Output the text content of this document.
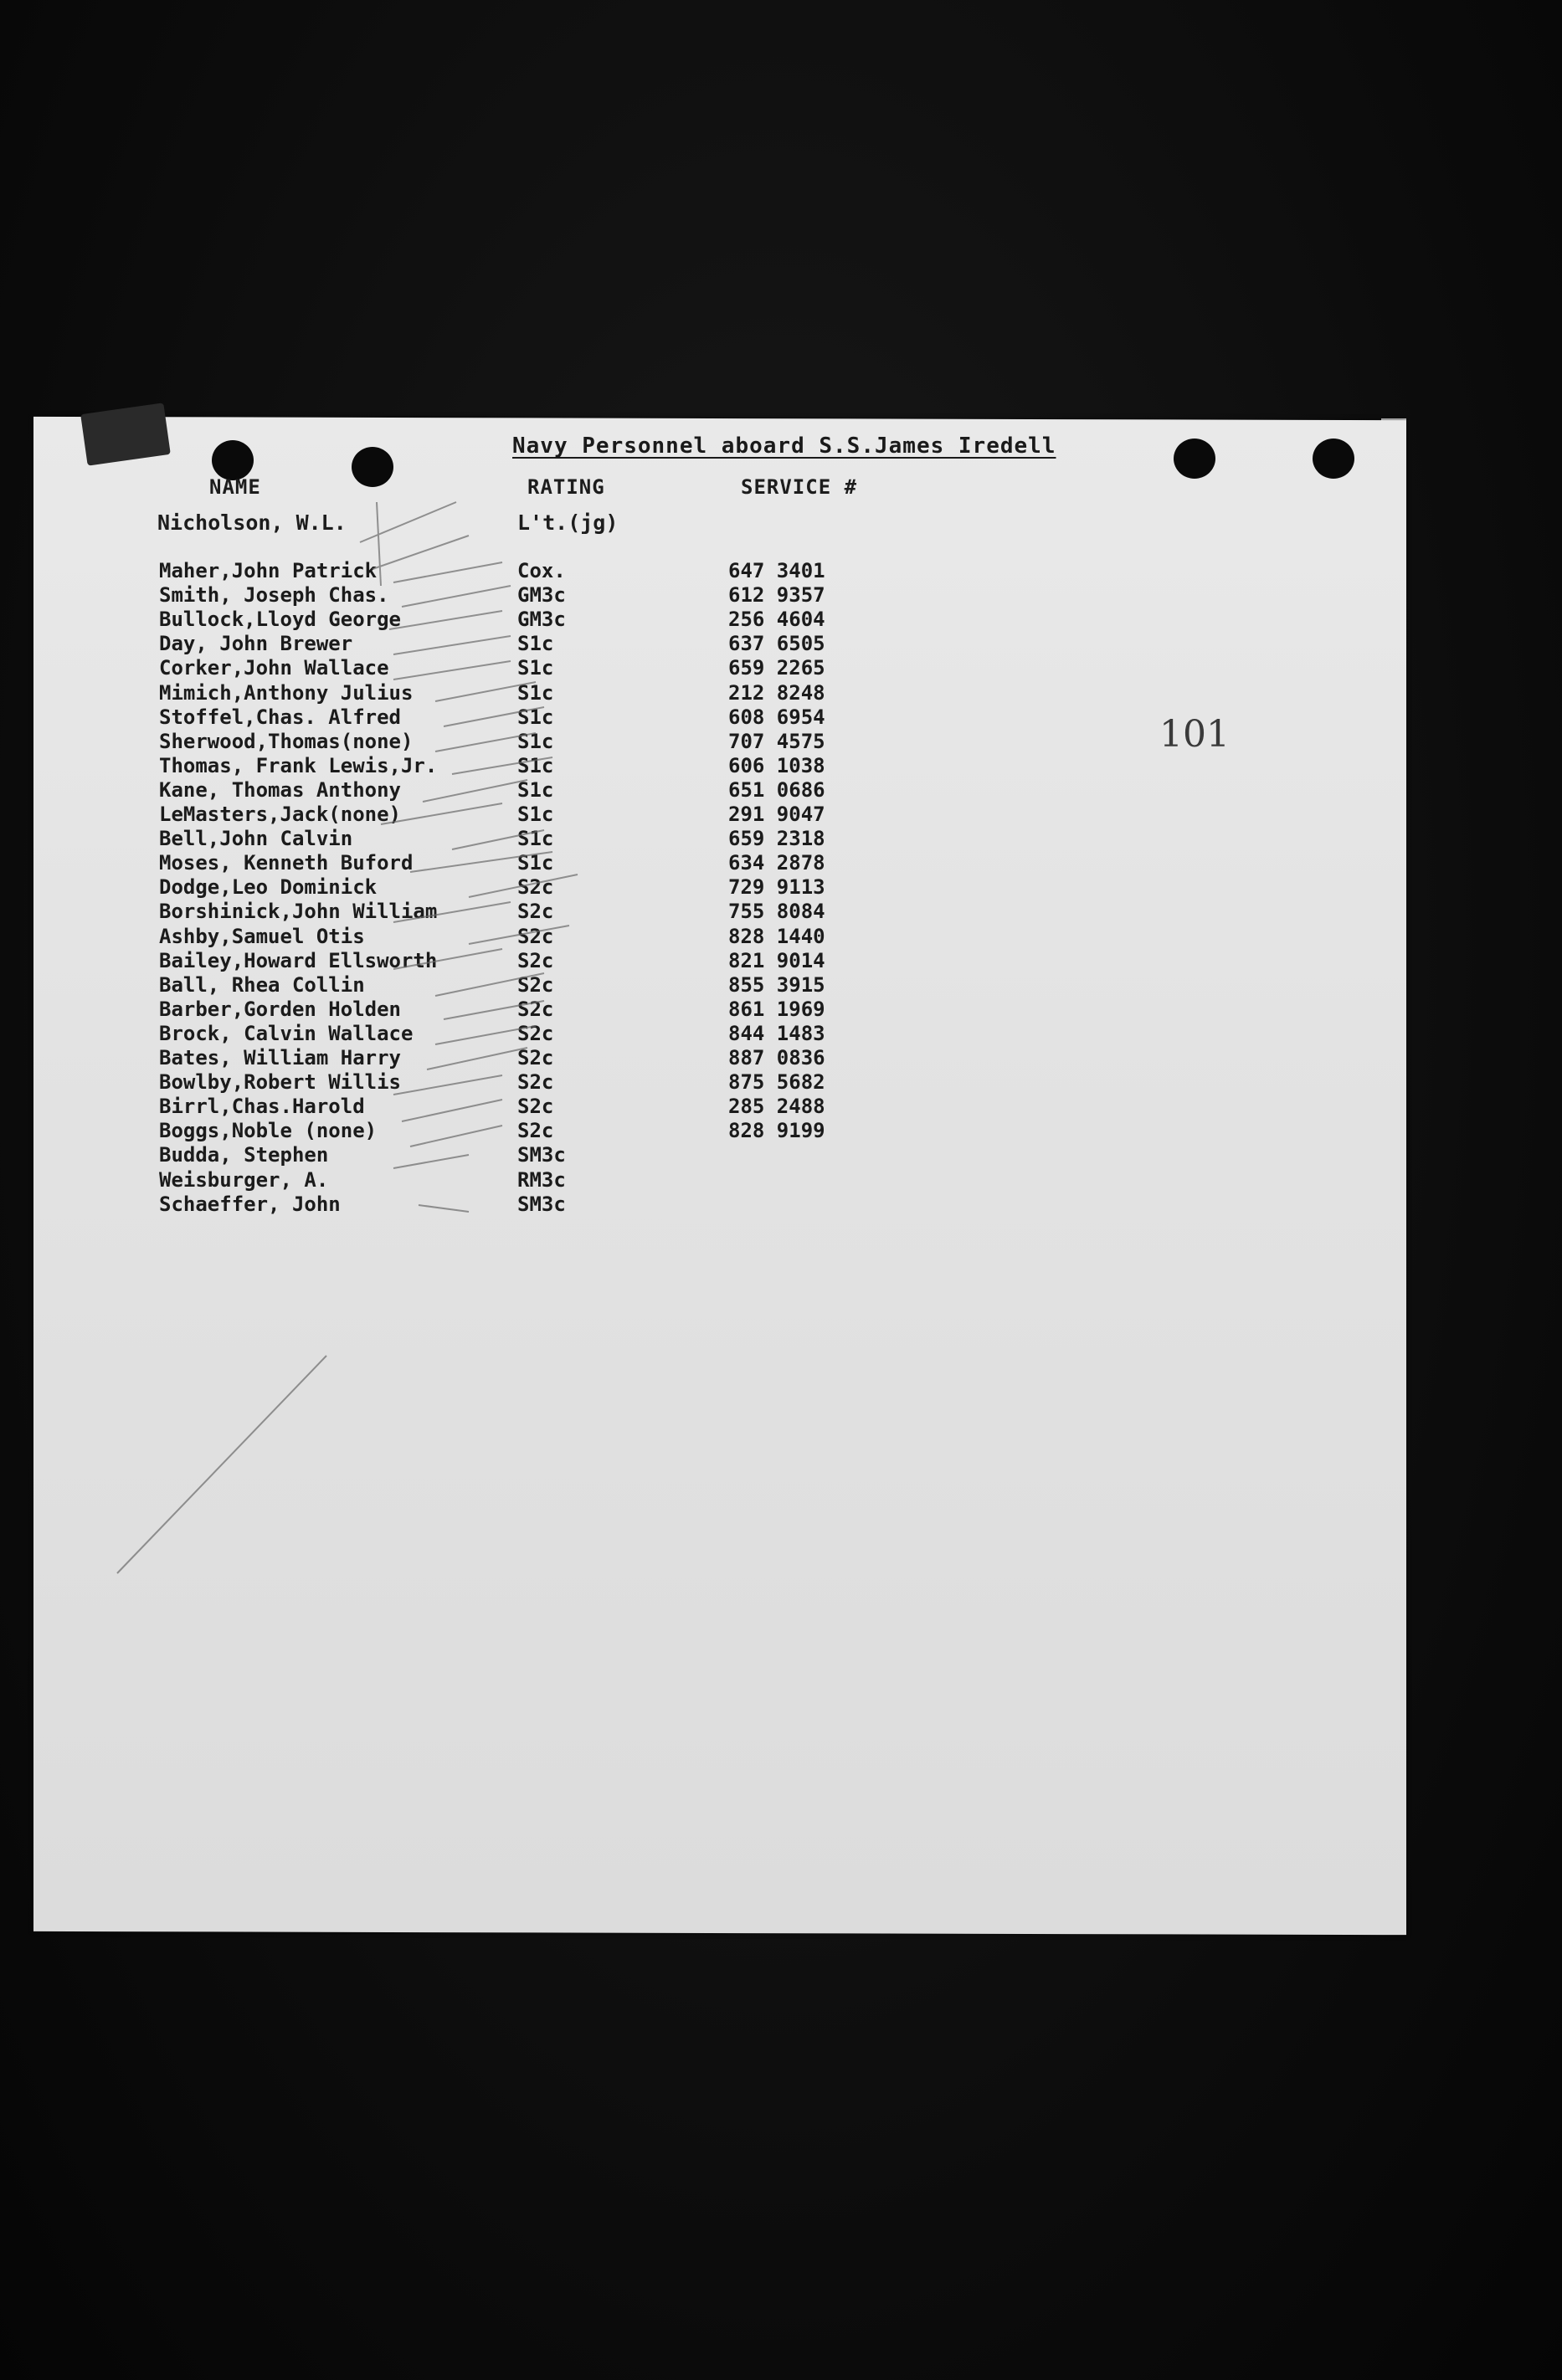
Navy Personnel aboard S.S.James Iredell
NAME	RATING	SERVICE #
Nicholson, W.L.	L't.(jg)
Maher,John Patrick	Cox.	647 3401
Smith, Joseph Chas.	GM3c	612 9357
Bullock,Lloyd George	GM3c	256 4604
Day, John Brewer	S1c	637 6505
Corker,John Wallace	S1c	659 2265
Mimich,Anthony Julius	S1c	212 8248
Stoffel,Chas. Alfred	S1c	608 6954
Sherwood,Thomas(none)	S1c	707 4575
Thomas, Frank Lewis,Jr.	S1c	606 1038
Kane, Thomas Anthony	S1c	651 0686
LeMasters,Jack(none)	S1c	291 9047
Bell,John Calvin	S1c	659 2318
Moses, Kenneth Buford	S1c	634 2878
Dodge,Leo Dominick	S2c	729 9113
Borshinick,John William	S2c	755 8084
Ashby,Samuel Otis	S2c	828 1440
Bailey,Howard Ellsworth	S2c	821 9014
Ball, Rhea Collin	S2c	855 3915
Barber,Gorden Holden	S2c	861 1969
Brock, Calvin Wallace	S2c	844 1483
Bates, William Harry	S2c	887 0836
Bowlby,Robert Willis	S2c	875 5682
Birrl,Chas.Harold	S2c	285 2488
Boggs,Noble (none)	S2c	828 9199
Budda, Stephen	SM3c
Weisburger, A.	RM3c
Schaeffer, John	SM3c
101
